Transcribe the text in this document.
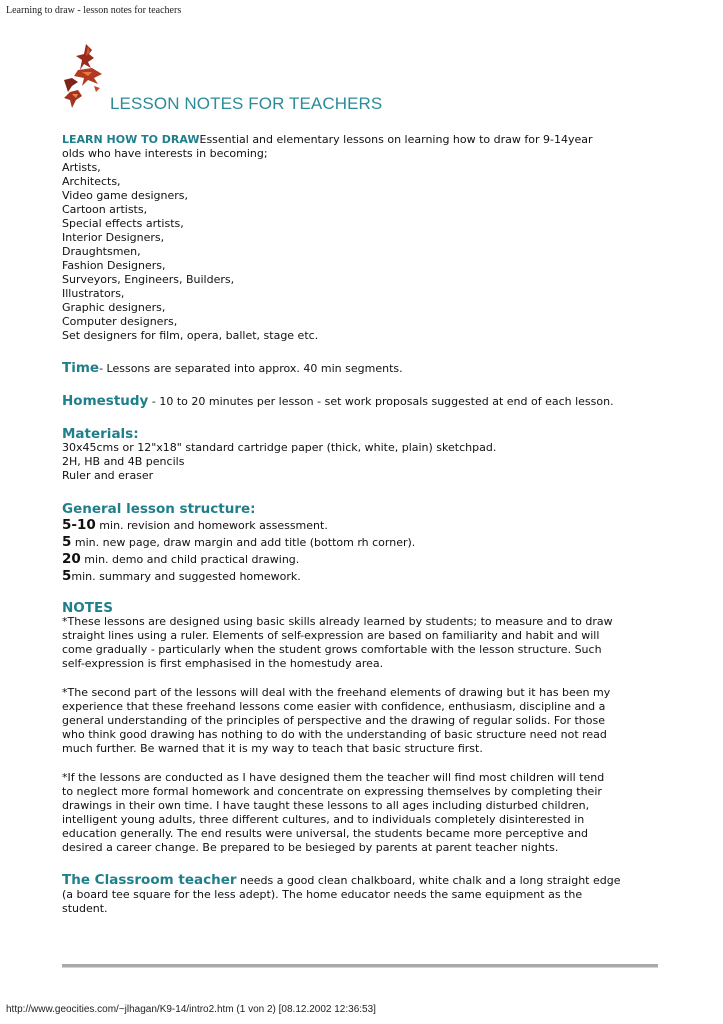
Learning to draw - lesson notes for teachers
LESSON NOTES FOR TEACHERS
LEARN HOW TO DRAWEssential and elementary lessons on learning how to draw for 9-14year
olds who have interests in becoming;
Artists,
Architects,
Video game designers,
Cartoon artists,
Special effects artists,
Interior Designers,
Draughtsmen,
Fashion Designers,
Surveyors, Engineers, Builders,
Illustrators,
Graphic designers,
Computer designers,
Set designers for film, opera, ballet, stage etc.
Time- Lessons are separated into approx. 40 min segments.
Homestudy - 10 to 20 minutes per lesson - set work proposals suggested at end of each lesson.
Materials:
30x45cms or 12"x18" standard cartridge paper (thick, white, plain) sketchpad.
2H, HB and 4B pencils
Ruler and eraser
General lesson structure:
5-10 min. revision and homework assessment.
5 min. new page, draw margin and add title (bottom rh corner).
20 min. demo and child practical drawing.
5min. summary and suggested homework.
NOTES
*These lessons are designed using basic skills already learned by students; to measure and to draw
straight lines using a ruler. Elements of self-expression are based on familiarity and habit and will
come gradually - particularly when the student grows comfortable with the lesson structure. Such
self-expression is first emphasised in the homestudy area.
*The second part of the lessons will deal with the freehand elements of drawing but it has been my
experience that these freehand lessons come easier with confidence, enthusiasm, discipline and a
general understanding of the principles of perspective and the drawing of regular solids. For those
who think good drawing has nothing to do with the understanding of basic structure need not read
much further. Be warned that it is my way to teach that basic structure first.
*If the lessons are conducted as I have designed them the teacher will find most children will tend
to neglect more formal homework and concentrate on expressing themselves by completing their
drawings in their own time. I have taught these lessons to all ages including disturbed children,
intelligent young adults, three different cultures, and to individuals completely disinterested in
education generally. The end results were universal, the students became more perceptive and
desired a career change. Be prepared to be besieged by parents at parent teacher nights.
The Classroom teacher needs a good clean chalkboard, white chalk and a long straight edge
(a board tee square for the less adept). The home educator needs the same equipment as the
student.
http://www.geocities.com/~jlhagan/K9-14/intro2.htm (1 von 2) [08.12.2002 12:36:53]
